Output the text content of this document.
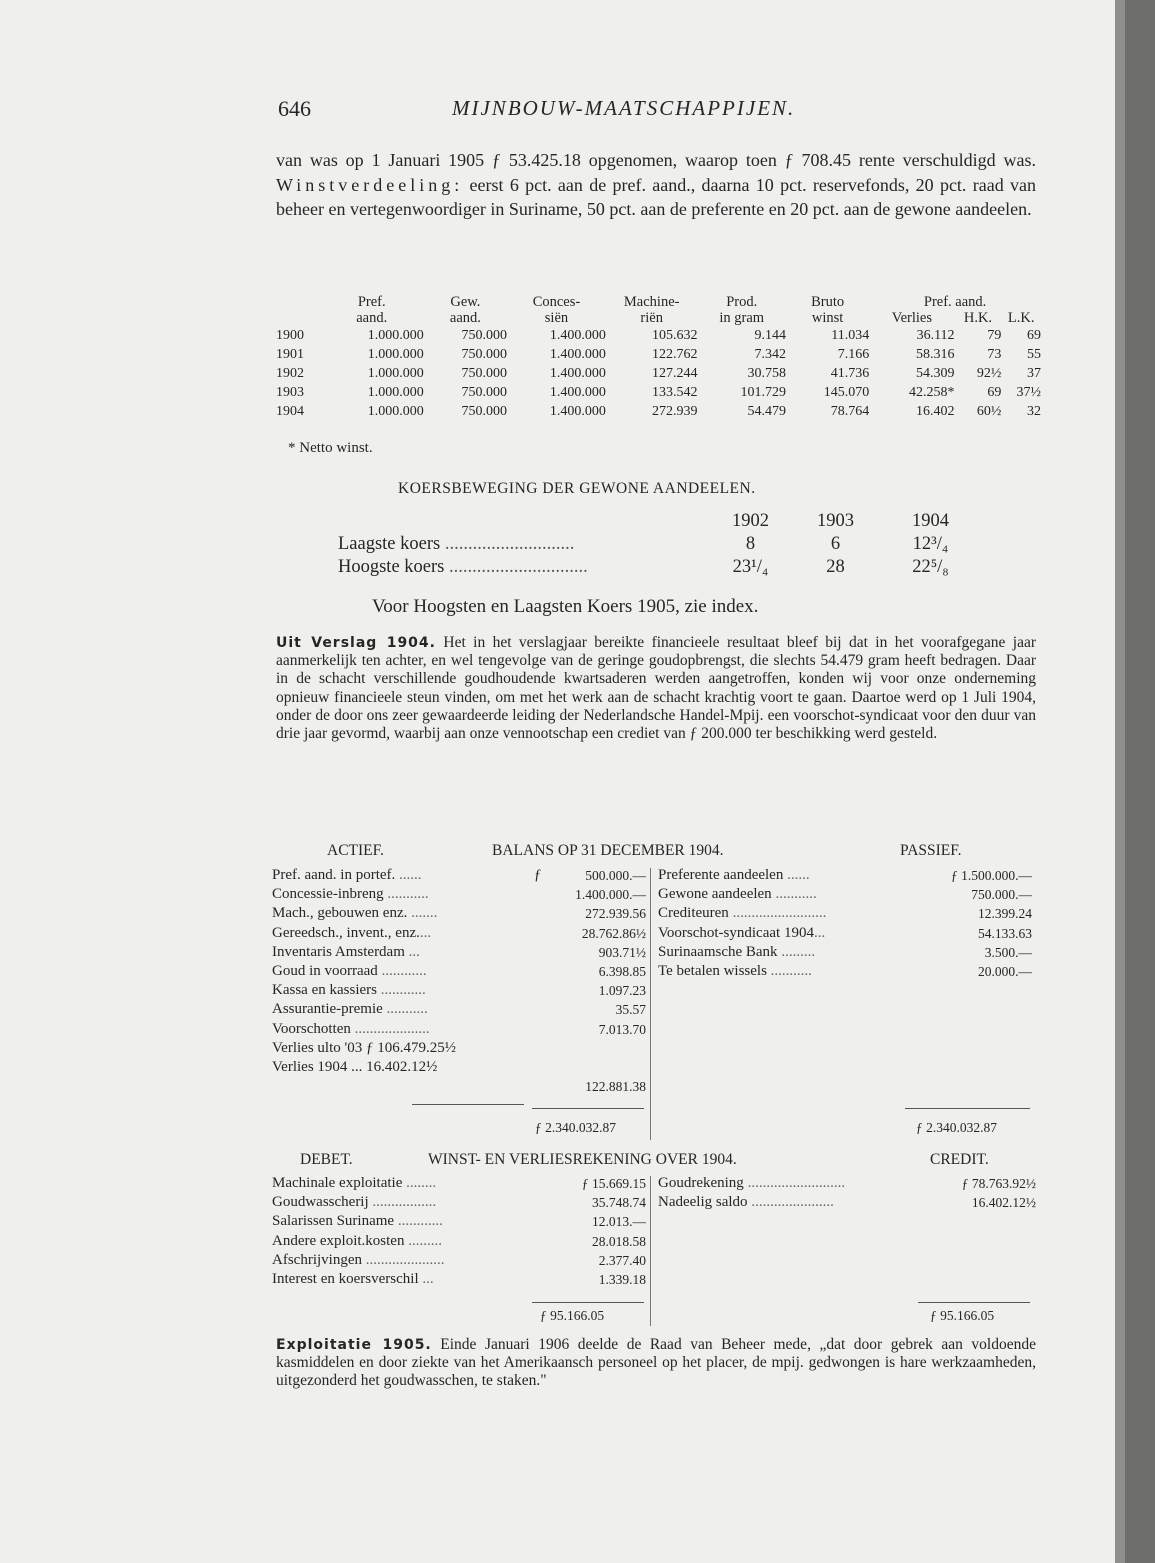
646	MIJNBOUW-MAATSCHAPPIJEN.
van was op 1 Januari 1905 ƒ 53.425.18 opgenomen, waarop toen ƒ 708.45 rente verschuldigd was. Winstverdeeling: eerst 6 pct. aan de pref. aand., daarna 10 pct. reservefonds, 20 pct. raad van beheer en vertegenwoordiger in Suriname, 50 pct. aan de preferente en 20 pct. aan de gewone aandeelen.
	Pref.	Gew.	Conces-	Machine-	Prod.	Bruto	Pref. aand.		
	aand.	aand.	siën	riën	in gram	winst	Verlies	H.K.	L.K.
1900	1.000.000	750.000	1.400.000	105.632	9.144	11.034	36.112	79	69
1901	1.000.000	750.000	1.400.000	122.762	7.342	7.166	58.316	73	55
1902	1.000.000	750.000	1.400.000	127.244	30.758	41.736	54.309	92½	37
1903	1.000.000	750.000	1.400.000	133.542	101.729	145.070	42.258*	69	37½
1904	1.000.000	750.000	1.400.000	272.939	54.479	78.764	16.402	60½	32
* Netto winst.
KOERSBEWEGING DER GEWONE AANDEELEN.
	1902	1903	1904
Laagste koers ............................	8	6	12³/₄
Hoogste koers ..............................	23¹/₄	28	22⁵/₈
Voor Hoogsten en Laagsten Koers 1905, zie index.
Uit Verslag 1904. Het in het verslagjaar bereikte financieele resultaat bleef bij dat in het voorafgegane jaar aanmerkelijk ten achter, en wel tengevolge van de geringe goudopbrengst, die slechts 54.479 gram heeft bedragen. Daar in de schacht verschillende goudhoudende kwartsaderen werden aangetroffen, konden wij voor onze onderneming opnieuw financieele steun vinden, om met het werk aan de schacht krachtig voort te gaan. Daartoe werd op 1 Juli 1904, onder de door ons zeer gewaardeerde leiding der Nederlandsche Handel-Mpij. een voorschot-syndicaat voor den duur van drie jaar gevormd, waarbij aan onze vennootschap een crediet van ƒ 200.000 ter beschikking werd gesteld.
ACTIEF.	BALANS OP 31 DECEMBER 1904.	PASSIEF.
Pref. aand. in portef. ......	ƒ	500.000.—
Concessie-inbreng ...........		1.400.000.—
Mach., gebouwen enz. .......		272.939.56
Gereedsch., invent., enz....		28.762.86½
Inventaris Amsterdam ...		903.71½
Goud in voorraad ............		6.398.85
Kassa en kassiers ............		1.097.23
Assurantie-premie ...........		35.57
Voorschotten ....................		7.013.70
Verlies ulto '03 ƒ 106.479.25½		
Verlies 1904 ... 16.402.12½		
		122.881.38
ƒ 2.340.032.87
Preferente aandeelen ......	ƒ 1.500.000.—
Gewone aandeelen ...........	750.000.—
Crediteuren .........................	12.399.24
Voorschot-syndicaat 1904...	54.133.63
Surinaamsche Bank .........	3.500.—
Te betalen wissels ...........	20.000.—
ƒ 2.340.032.87
DEBET.	WINST- EN VERLIESREKENING OVER 1904.	CREDIT.
Machinale exploitatie ........	ƒ 15.669.15
Goudwasscherij .................	35.748.74
Salarissen Suriname ............	12.013.—
Andere exploit.kosten .........	28.018.58
Afschrijvingen .....................	2.377.40
Interest en koersverschil ...	1.339.18
ƒ 95.166.05
Goudrekening ..........................	ƒ 78.763.92½
Nadeelig saldo ......................	16.402.12½
ƒ 95.166.05
Exploitatie 1905. Einde Januari 1906 deelde de Raad van Beheer mede, „dat door gebrek aan voldoende kasmiddelen en door ziekte van het Amerikaansch personeel op het placer, de mpij. gedwongen is hare werkzaamheden, uitgezonderd het goudwasschen, te staken."
